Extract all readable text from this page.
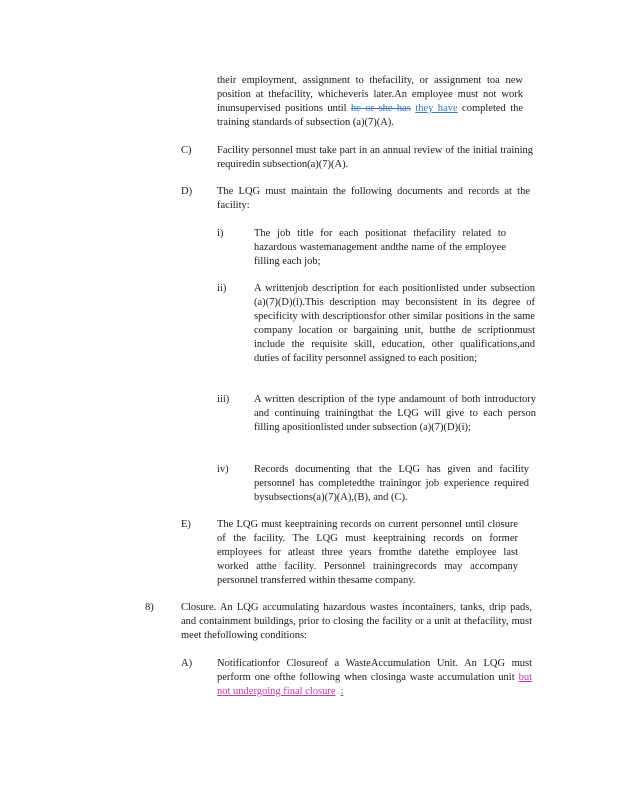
their employment, assignment to thefacility, or assignment toa new position at thefacility, whicheveris later.An employee must not work inunsupervised positions until he or she has they have completed the training standards of subsection (a)(7)(A).

C) Facility personnel must take part in an annual review of the initial training requiredin subsection(a)(7)(A).
D) The LQG must maintain the following documents and records at the facility:
i)	The job title for each positionat thefacility related to hazardous wastemanagement andthe name of the employee filling each job;
ii)	A writtenjob description for each positionlisted under subsection (a)(7)(D)(i).This description may beconsistent in its degree of specificity with descriptionsfor other similar positions in the same company location or bargaining unit, butthe de scriptionmust include the requisite skill, education, other qualifications,and duties of facility personnel assigned to each position;
iii) A written description of the type andamount of both introductory and continuing trainingthat the LQG will give to each person filling apositionlisted under subsection (a)(7)(D)(i);
iv) Records documenting that the LQG has given and facility personnel has completedthe trainingor job experience required bysubsections(a)(7)(A),(B), and (C).
E) The LQG must keeptraining records on current personnel until closure of the facility. The LQG must keeptraining records on former employees for atleast three years fromthe datethe employee last worked atthe facility. Personnel trainingrecords may accompany personnel transferred within thesame company.
8)	Closure. An LQG accumulating hazardous wastes incontainers, tanks, drip pads, and containment buildings, prior to closing the facility or a unit at thefacility, must meet thefollowing conditions:
A) Notificationfor Closureof a WasteAccumulation Unit. An LQG must perform one ofthe following when closinga waste accumulation unit but not undergoing final closure :
